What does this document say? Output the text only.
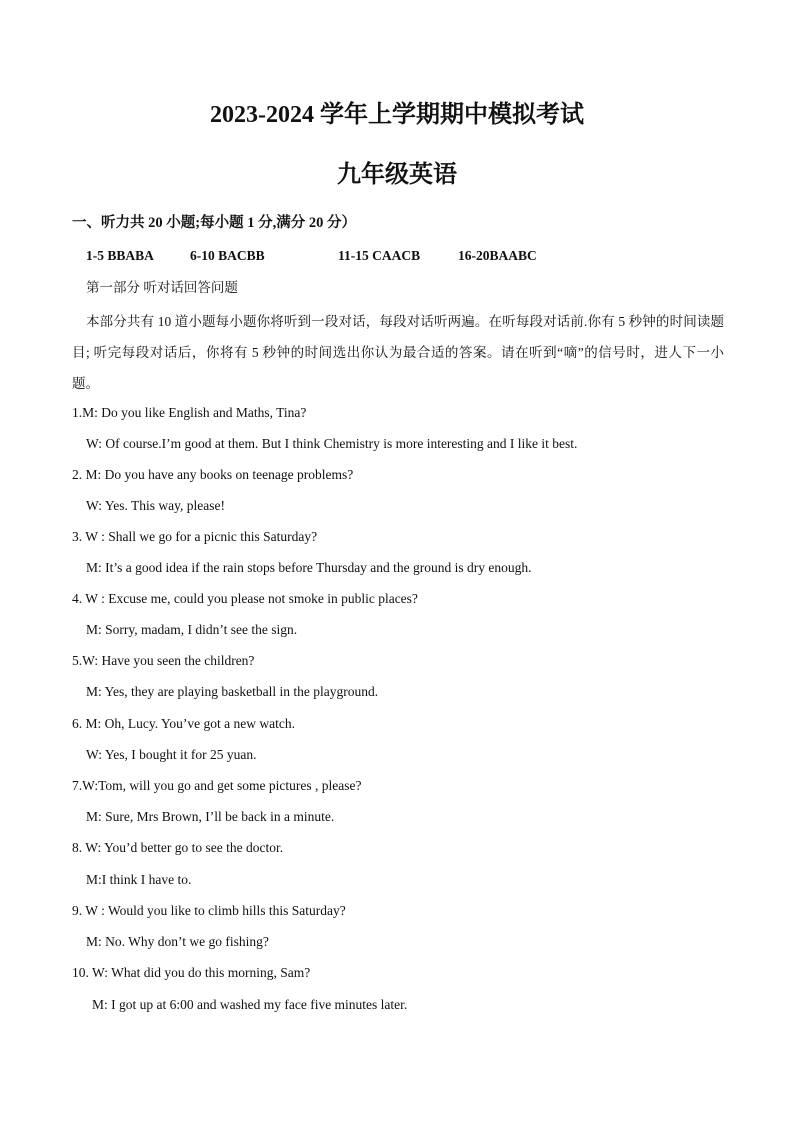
2023-2024 学年上学期期中模拟考试
九年级英语
一、听力共 20 小题;每小题 1 分,满分 20 分）
1-5 BBABA	6-10 BACBB	11-15 CAACB	16-20BAABC
第一部分 听对话回答问题
本部分共有 10 道小题每小题你将听到一段对话，每段对话听两遍。在听每段对话前.你有 5 秒钟的时间读题目; 听完每段对话后，你将有 5 秒钟的时间选出你认为最合适的答案。请在听到“嘀”的信号时，进人下一小题。
1.M: Do you like English and Maths, Tina?
W: Of course.I’m good at them. But I think Chemistry is more interesting and I like it best.
2. M: Do you have any books on teenage problems?
W: Yes. This way, please!
3. W : Shall we go for a picnic this Saturday?
M: It’s a good idea if the rain stops before Thursday and the ground is dry enough.
4. W : Excuse me, could you please not smoke in public places?
M: Sorry, madam, I didn’t see the sign.
5.W: Have you seen the children?
M: Yes, they are playing basketball in the playground.
6. M: Oh, Lucy. You’ve got a new watch.
W: Yes, I bought it for 25 yuan.
7.W:Tom, will you go and get some pictures , please?
M: Sure, Mrs Brown, I’ll be back in a minute.
8. W: You’d better go to see the doctor.
M:I think I have to.
9. W : Would you like to climb hills this Saturday?
M: No. Why don’t we go fishing?
10. W: What did you do this morning, Sam?
M: I got up at 6:00 and washed my face five minutes later.
